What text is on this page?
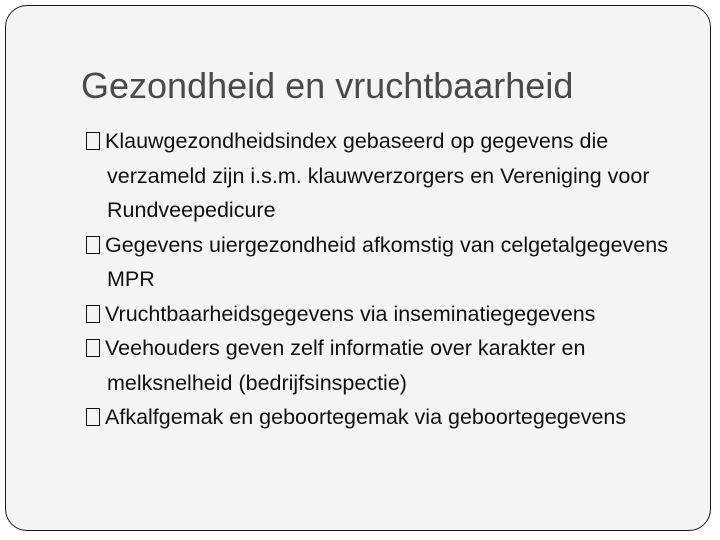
Gezondheid en vruchtbaarheid
Klauwgezondheidsindex gebaseerd op gegevens die verzameld zijn i.s.m. klauwverzorgers en Vereniging voor Rundveepedicure
Gegevens uiergezondheid afkomstig van celgetalgegevens MPR
Vruchtbaarheidsgegevens via inseminatiegegevens
Veehouders geven zelf informatie over karakter en melksnelheid (bedrijfsinspectie)
Afkalfgemak en geboortegemak via geboortegegevens
